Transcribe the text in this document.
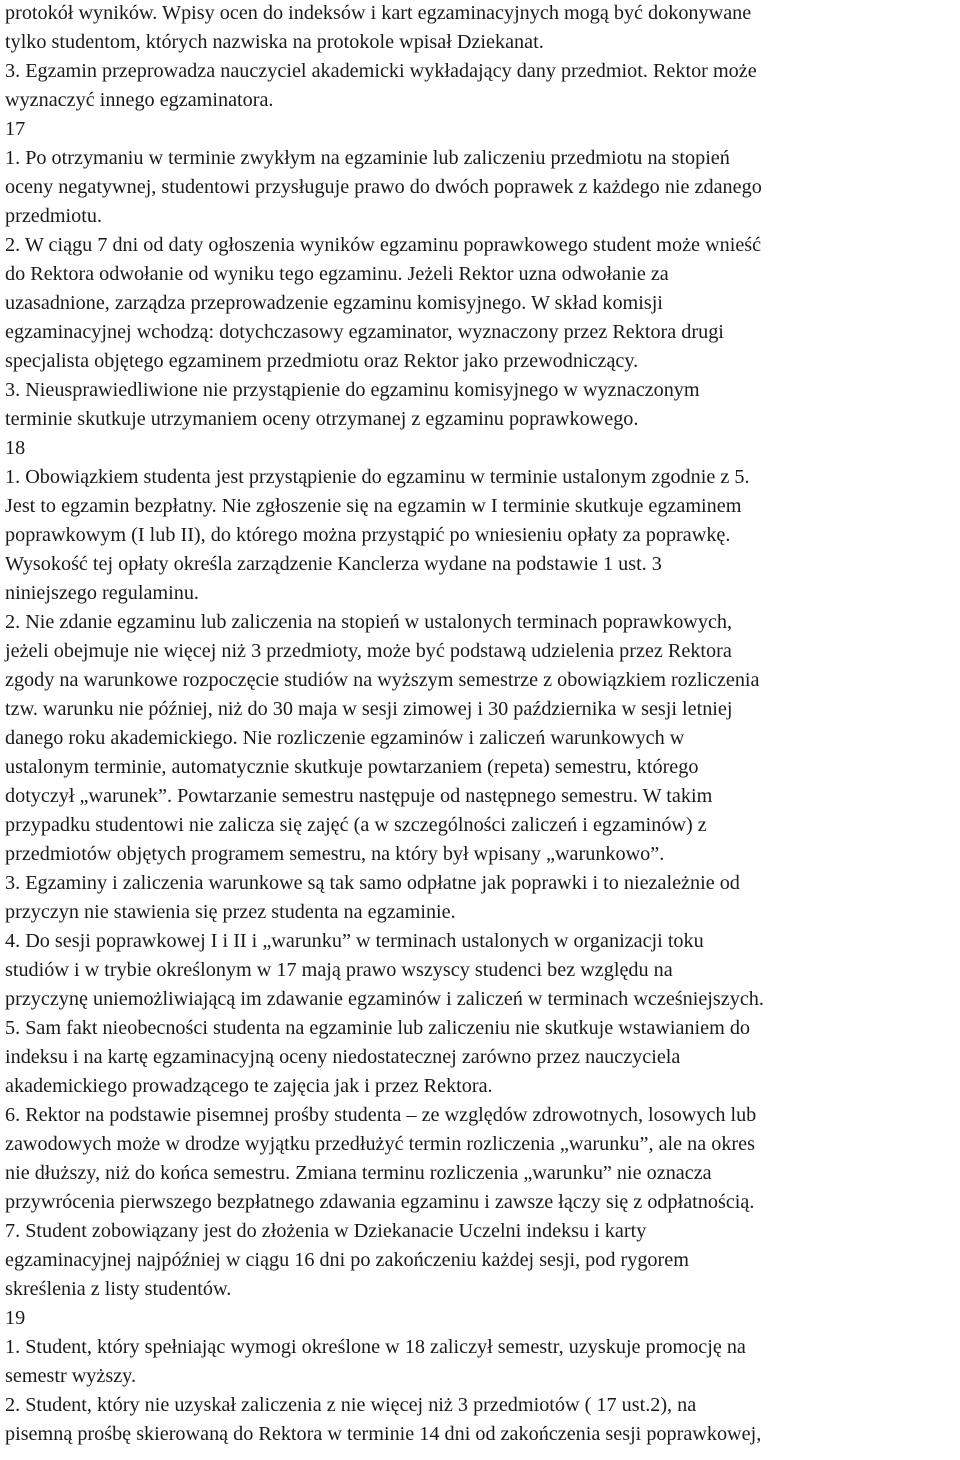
protokół wyników. Wpisy ocen do indeksów i kart egzaminacyjnych mogą być dokonywane
tylko studentom, których nazwiska na protokole wpisał Dziekanat.
3. Egzamin przeprowadza nauczyciel akademicki wykładający dany przedmiot. Rektor może
wyznaczyć innego egzaminatora.
17
1. Po otrzymaniu w terminie zwykłym na egzaminie lub zaliczeniu przedmiotu na stopień
oceny negatywnej, studentowi przysługuje prawo do dwóch poprawek z każdego nie zdanego
przedmiotu.
2. W ciągu 7 dni od daty ogłoszenia wyników egzaminu poprawkowego student może wnieść
do Rektora odwołanie od wyniku tego egzaminu. Jeżeli Rektor uzna odwołanie za
uzasadnione, zarządza przeprowadzenie egzaminu komisyjnego. W skład komisji
egzaminacyjnej wchodzą: dotychczasowy egzaminator, wyznaczony przez Rektora drugi
specjalista objętego egzaminem przedmiotu oraz Rektor jako przewodniczący.
3. Nieusprawiedliwione nie przystąpienie do egzaminu komisyjnego w wyznaczonym
terminie skutkuje utrzymaniem oceny otrzymanej z egzaminu poprawkowego.
18
1. Obowiązkiem studenta jest przystąpienie do egzaminu w terminie ustalonym zgodnie z 5.
Jest to egzamin bezpłatny. Nie zgłoszenie się na egzamin w I terminie skutkuje egzaminem
poprawkowym (I lub II), do którego można przystąpić po wniesieniu opłaty za poprawkę.
Wysokość tej opłaty określa zarządzenie Kanclerza wydane na podstawie 1 ust. 3
niniejszego regulaminu.
2. Nie zdanie egzaminu lub zaliczenia na stopień w ustalonych terminach poprawkowych,
jeżeli obejmuje nie więcej niż 3 przedmioty, może być podstawą udzielenia przez Rektora
zgody na warunkowe rozpoczęcie studiów na wyższym semestrze z obowiązkiem rozliczenia
tzw. warunku nie później, niż do 30 maja w sesji zimowej i 30 października w sesji letniej
danego roku akademickiego. Nie rozliczenie egzaminów i zaliczeń warunkowych w
ustalonym terminie, automatycznie skutkuje powtarzaniem (repeta) semestru, którego
dotyczył „warunek”. Powtarzanie semestru następuje od następnego semestru. W takim
przypadku studentowi nie zalicza się zajęć (a w szczególności zaliczeń i egzaminów) z
przedmiotów objętych programem semestru, na który był wpisany „warunkowo”.
3. Egzaminy i zaliczenia warunkowe są tak samo odpłatne jak poprawki i to niezależnie od
przyczyn nie stawienia się przez studenta na egzaminie.
4. Do sesji poprawkowej I i II i „warunku” w terminach ustalonych w organizacji toku
studiów i w trybie określonym w 17 mają prawo wszyscy studenci bez względu na
przyczynę uniemożliwiającą im zdawanie egzaminów i zaliczeń w terminach wcześniejszych.
5. Sam fakt nieobecności studenta na egzaminie lub zaliczeniu nie skutkuje wstawianiem do
indeksu i na kartę egzaminacyjną oceny niedostatecznej zarówno przez nauczyciela
akademickiego prowadzącego te zajęcia jak i przez Rektora.
6. Rektor na podstawie pisemnej prośby studenta – ze względów zdrowotnych, losowych lub
zawodowych może w drodze wyjątku przedłużyć termin rozliczenia „warunku”, ale na okres
nie dłuższy, niż do końca semestru. Zmiana terminu rozliczenia „warunku” nie oznacza
przywrócenia pierwszego bezpłatnego zdawania egzaminu i zawsze łączy się z odpłatnością.
7. Student zobowiązany jest do złożenia w Dziekanacie Uczelni indeksu i karty
egzaminacyjnej najpóźniej w ciągu 16 dni po zakończeniu każdej sesji, pod rygorem
skreślenia z listy studentów.
19
1. Student, który spełniając wymogi określone w 18 zaliczył semestr, uzyskuje promocję na
semestr wyższy.
2. Student, który nie uzyskał zaliczenia z nie więcej niż 3 przedmiotów ( 17 ust.2), na
pisemną prośbę skierowaną do Rektora w terminie 14 dni od zakończenia sesji poprawkowej,
